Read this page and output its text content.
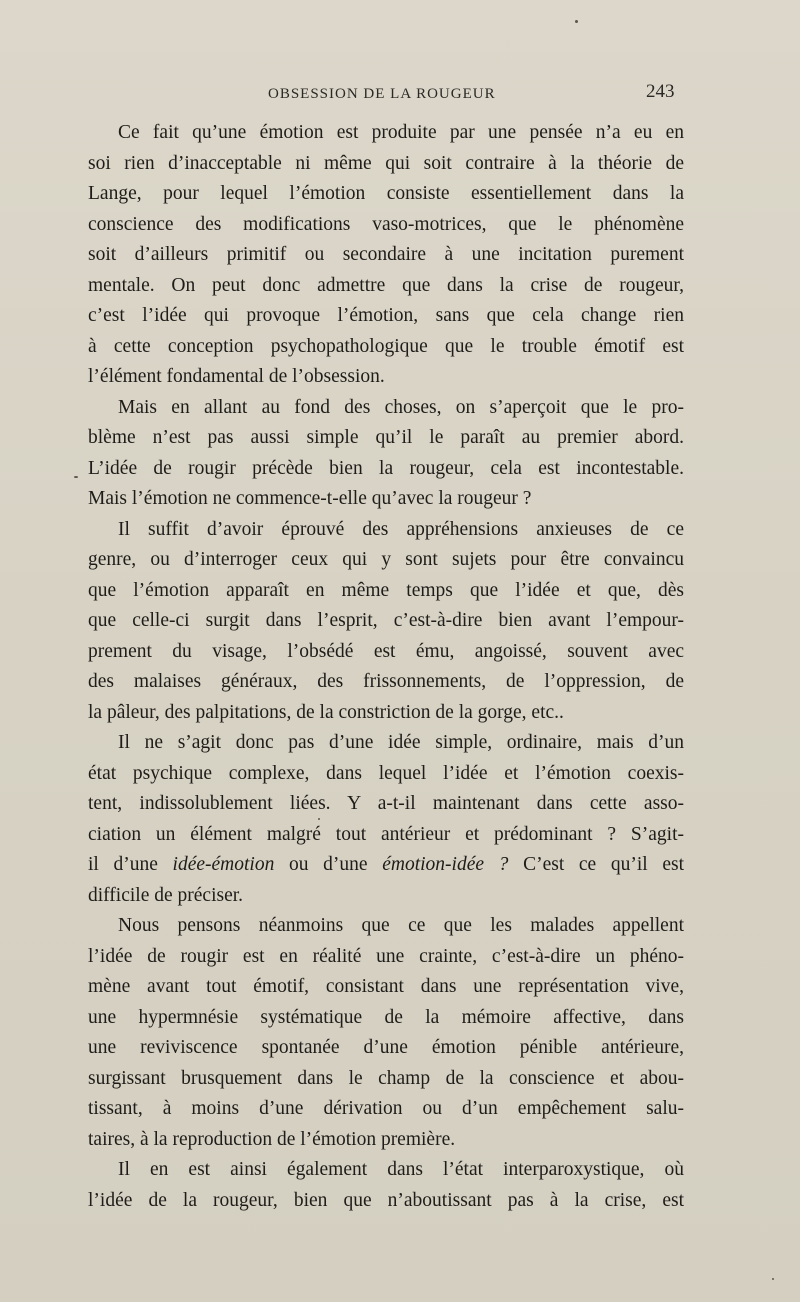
OBSESSION DE LA ROUGEUR	243
Ce fait qu’une émotion est produite par une pensée n’a eu en
soi rien d’inacceptable ni même qui soit contraire à la théorie de
Lange, pour lequel l’émotion consiste essentiellement dans la
conscience des modifications vaso-motrices, que le phénomène
soit d’ailleurs primitif ou secondaire à une incitation purement
mentale. On peut donc admettre que dans la crise de rougeur,
c’est l’idée qui provoque l’émotion, sans que cela change rien
à cette conception psychopathologique que le trouble émotif est
l’élément fondamental de l’obsession.
Mais en allant au fond des choses, on s’aperçoit que le pro-
blème n’est pas aussi simple qu’il le paraît au premier abord.
L’idée de rougir précède bien la rougeur, cela est incontestable.
Mais l’émotion ne commence-t-elle qu’avec la rougeur ?
Il suffit d’avoir éprouvé des appréhensions anxieuses de ce
genre, ou d’interroger ceux qui y sont sujets pour être convaincu
que l’émotion apparaît en même temps que l’idée et que, dès
que celle-ci surgit dans l’esprit, c’est-à-dire bien avant l’empour-
prement du visage, l’obsédé est ému, angoissé, souvent avec
des malaises généraux, des frissonnements, de l’oppression, de
la pâleur, des palpitations, de la constriction de la gorge, etc..
Il ne s’agit donc pas d’une idée simple, ordinaire, mais d’un
état psychique complexe, dans lequel l’idée et l’émotion coexis-
tent, indissolublement liées. Y a-t-il maintenant dans cette asso-
ciation un élément malgré tout antérieur et prédominant ? S’agit-
il d’une idée-émotion ou d’une émotion-idée ? C’est ce qu’il est
difficile de préciser.
Nous pensons néanmoins que ce que les malades appellent
l’idée de rougir est en réalité une crainte, c’est-à-dire un phéno-
mène avant tout émotif, consistant dans une représentation vive,
une hypermnésie systématique de la mémoire affective, dans
une reviviscence spontanée d’une émotion pénible antérieure,
surgissant brusquement dans le champ de la conscience et abou-
tissant, à moins d’une dérivation ou d’un empêchement salu-
taires, à la reproduction de l’émotion première.
Il en est ainsi également dans l’état interparoxystique, où
l’idée de la rougeur, bien que n’aboutissant pas à la crise, est
